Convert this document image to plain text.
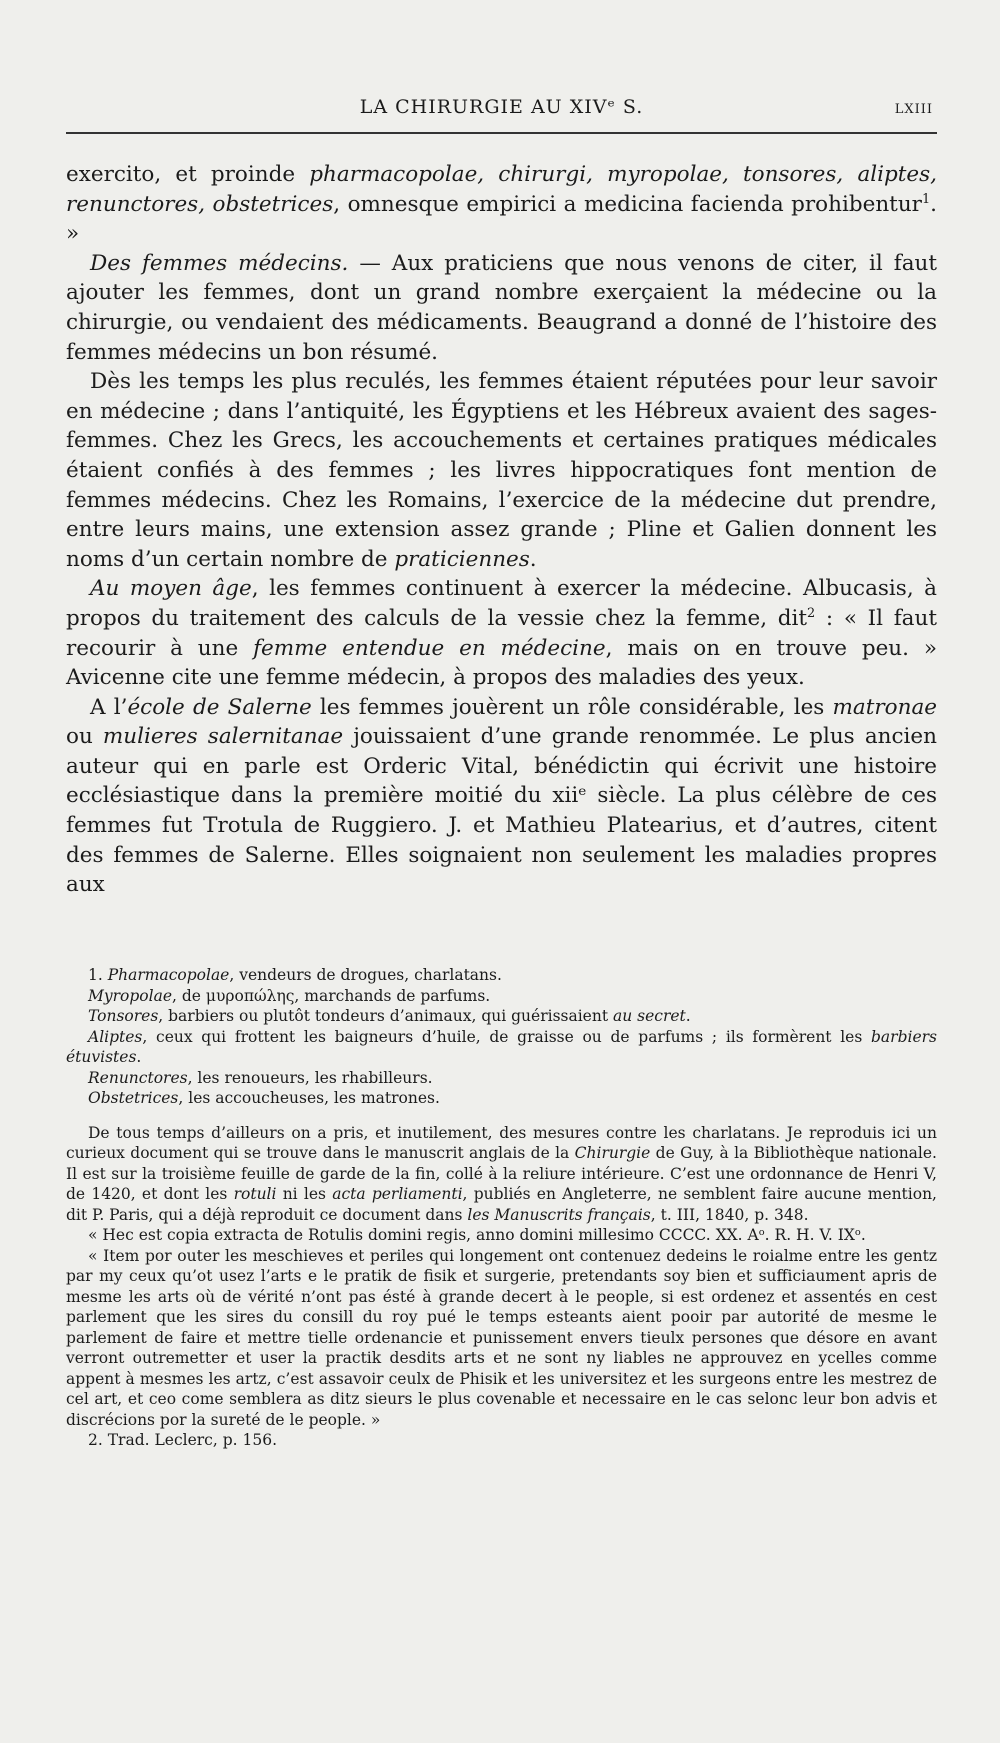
LA CHIRURGIE AU XIVᵉ S.	LXIII

exercito, et proinde pharmacopolae, chirurgi, myropolae, tonsores, aliptes, renunctores, obstetrices, omnesque empirici a medicina facienda prohibentur$^1$. »

Des femmes médecins. — Aux praticiens que nous venons de citer, il faut ajouter les femmes, dont un grand nombre exerçaient la médecine ou la chirurgie, ou vendaient des médicaments. Beaugrand a donné de l’histoire des femmes médecins un bon résumé.

Dès les temps les plus reculés, les femmes étaient réputées pour leur savoir en médecine ; dans l’antiquité, les Égyptiens et les Hébreux avaient des sages-femmes. Chez les Grecs, les accouchements et certaines pratiques médicales étaient confiés à des femmes ; les livres hippocratiques font mention de femmes médecins. Chez les Romains, l’exercice de la médecine dut prendre, entre leurs mains, une extension assez grande ; Pline et Galien donnent les noms d’un certain nombre de praticiennes.

Au moyen âge, les femmes continuent à exercer la médecine. Albucasis, à propos du traitement des calculs de la vessie chez la femme, dit$^2$ : « Il faut recourir à une femme entendue en médecine, mais on en trouve peu. » Avicenne cite une femme médecin, à propos des maladies des yeux.

A l’école de Salerne les femmes jouèrent un rôle considérable, les matronae ou mulieres salernitanae jouissaient d’une grande renommée. Le plus ancien auteur qui en parle est Orderic Vital, bénédictin qui écrivit une histoire ecclésiastique dans la première moitié du xiiᵉ siècle. La plus célèbre de ces femmes fut Trotula de Ruggiero. J. et Mathieu Platearius, et d’autres, citent des femmes de Salerne. Elles soignaient non seulement les maladies propres aux

1. Pharmacopolae, vendeurs de drogues, charlatans.

Myropolae, de μυροπώλης, marchands de parfums.

Tonsores, barbiers ou plutôt tondeurs d’animaux, qui guérissaient au secret.

Aliptes, ceux qui frottent les baigneurs d’huile, de graisse ou de parfums ; ils formèrent les barbiers étuvistes.

Renunctores, les renoueurs, les rhabilleurs.

Obstetrices, les accoucheuses, les matrones.

De tous temps d’ailleurs on a pris, et inutilement, des mesures contre les charlatans. Je reproduis ici un curieux document qui se trouve dans le manuscrit anglais de la Chirurgie de Guy, à la Bibliothèque nationale. Il est sur la troisième feuille de garde de la fin, collé à la reliure intérieure. C’est une ordonnance de Henri V, de 1420, et dont les rotuli ni les acta perliamenti, publiés en Angleterre, ne semblent faire aucune mention, dit P. Paris, qui a déjà reproduit ce document dans les Manuscrits français, t. III, 1840, p. 348.

« Hec est copia extracta de Rotulis domini regis, anno domini millesimo CCCC. XX. Aᵒ. R. H. V. IXᵒ.

« Item por outer les meschieves et periles qui longement ont contenuez dedeins le roialme entre les gentz par my ceux qu’ot usez l’arts e le pratik de fisik et surgerie, pretendants soy bien et sufficiaument apris de mesme les arts où de vérité n’ont pas ésté à grande decert à le people, si est ordenez et assentés en cest parlement que les sires du consill du roy pué le temps esteants aient pooir par autorité de mesme le parlement de faire et mettre tielle ordenancie et punissement envers tieulx persones que désore en avant verront outremetter et user la practik desdits arts et ne sont ny liables ne approuvez en ycelles comme appent à mesmes les artz, c’est assavoir ceulx de Phisik et les universitez et les surgeons entre les mestrez de cel art, et ceo come semblera as ditz sieurs le plus covenable et necessaire en le cas selonc leur bon advis et discrécions por la sureté de le people. »

2. Trad. Leclerc, p. 156.
